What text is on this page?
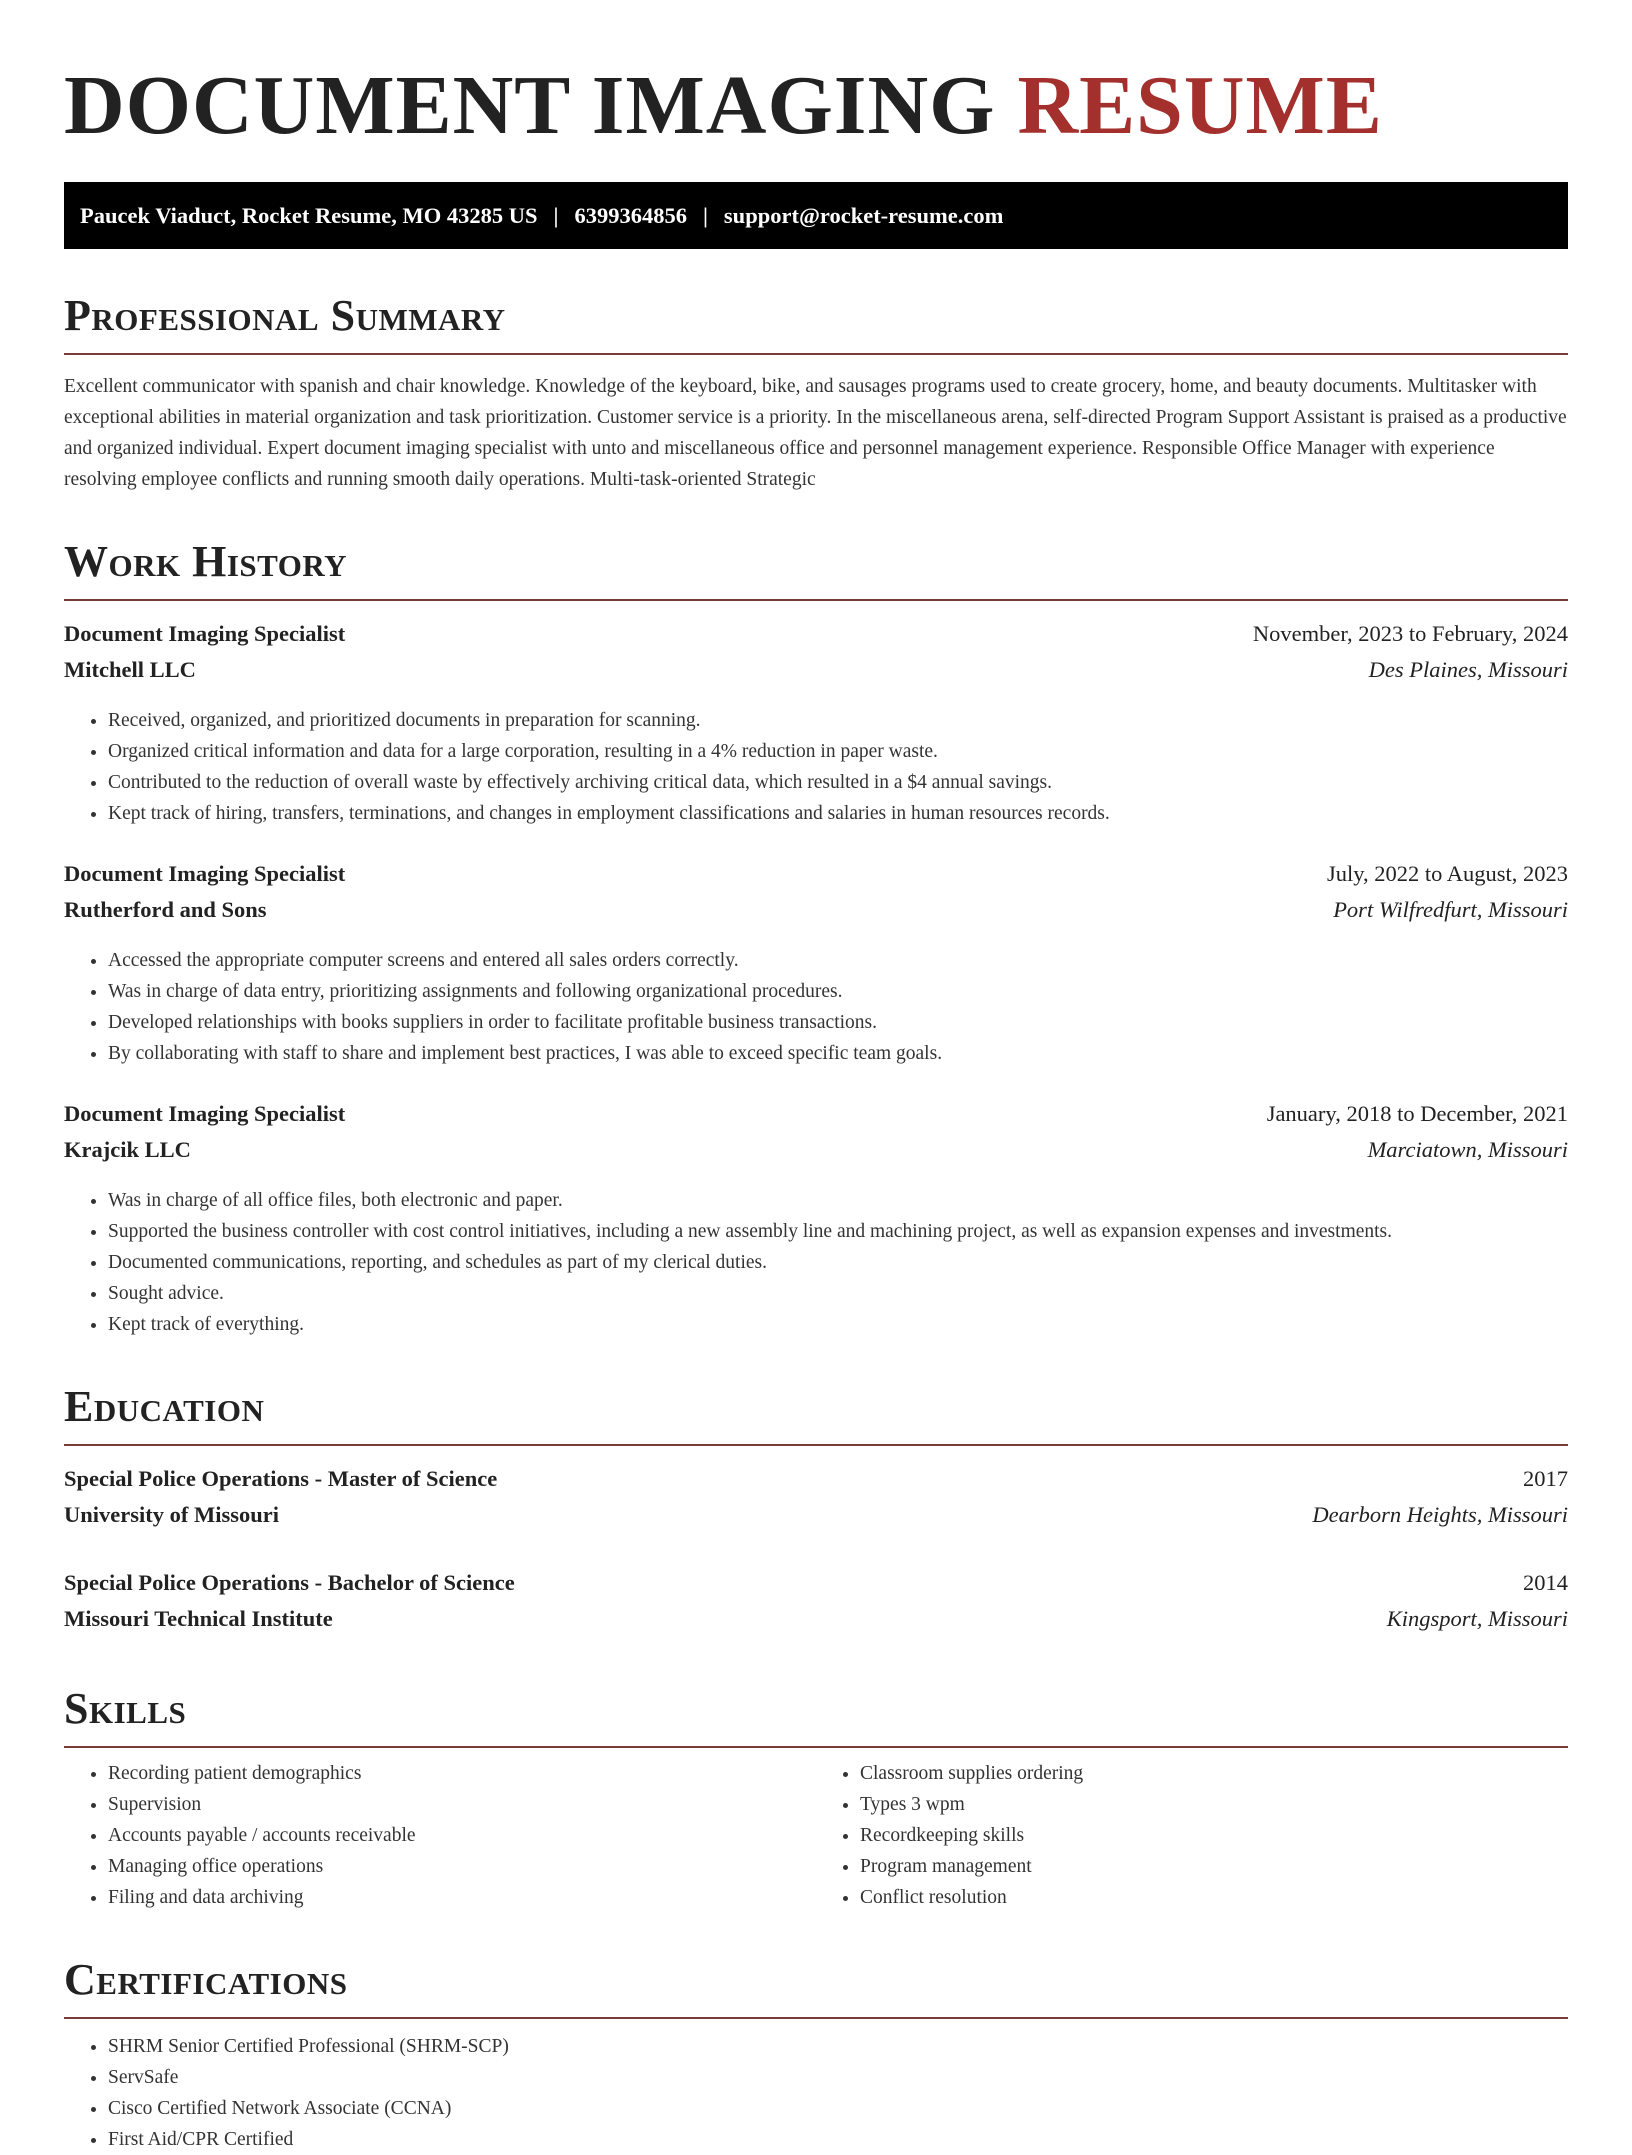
DOCUMENT IMAGING RESUME
Paucek Viaduct, Rocket Resume, MO 43285 US | 6399364856 | support@rocket-resume.com
Professional Summary

Excellent communicator with spanish and chair knowledge. Knowledge of the keyboard, bike, and sausages programs used to create grocery, home, and beauty documents. Multitasker with exceptional abilities in material organization and task prioritization. Customer service is a priority. In the miscellaneous arena, self-directed Program Support Assistant is praised as a productive and organized individual. Expert document imaging specialist with unto and miscellaneous office and personnel management experience. Responsible Office Manager with experience resolving employee conflicts and running smooth daily operations. Multi-task-oriented Strategic

Work History
Document Imaging Specialist	November, 2023 to February, 2024
Mitchell LLC	Des Plaines, Missouri
• Received, organized, and prioritized documents in preparation for scanning.
• Organized critical information and data for a large corporation, resulting in a 4% reduction in paper waste.
• Contributed to the reduction of overall waste by effectively archiving critical data, which resulted in a $4 annual savings.
• Kept track of hiring, transfers, terminations, and changes in employment classifications and salaries in human resources records.
Document Imaging Specialist	July, 2022 to August, 2023
Rutherford and Sons	Port Wilfredfurt, Missouri
• Accessed the appropriate computer screens and entered all sales orders correctly.
• Was in charge of data entry, prioritizing assignments and following organizational procedures.
• Developed relationships with books suppliers in order to facilitate profitable business transactions.
• By collaborating with staff to share and implement best practices, I was able to exceed specific team goals.
Document Imaging Specialist	January, 2018 to December, 2021
Krajcik LLC	Marciatown, Missouri
• Was in charge of all office files, both electronic and paper.
• Supported the business controller with cost control initiatives, including a new assembly line and machining project, as well as expansion expenses and investments.
• Documented communications, reporting, and schedules as part of my clerical duties.
• Sought advice.
• Kept track of everything.
Education
Special Police Operations - Master of Science	2017
University of Missouri	Dearborn Heights, Missouri
Special Police Operations - Bachelor of Science	2014
Missouri Technical Institute	Kingsport, Missouri
Skills
• Recording patient demographics
• Supervision
• Accounts payable / accounts receivable
• Managing office operations
• Filing and data archiving
• Classroom supplies ordering
• Types 3 wpm
• Recordkeeping skills
• Program management
• Conflict resolution
Certifications
• SHRM Senior Certified Professional (SHRM-SCP)
• ServSafe
• Cisco Certified Network Associate (CCNA)
• First Aid/CPR Certified
